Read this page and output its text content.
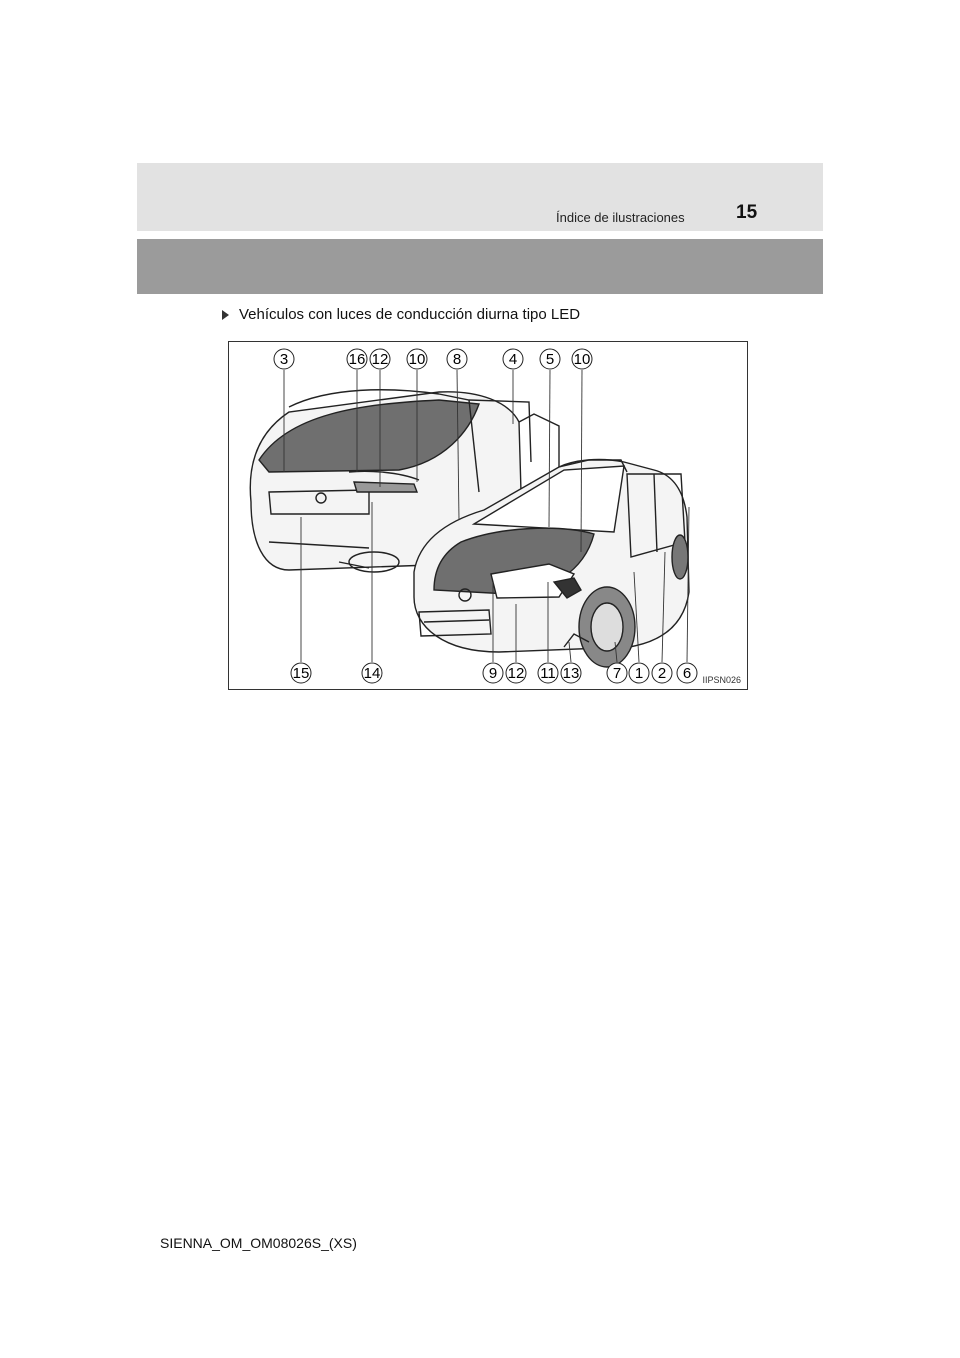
Índice de ilustraciones	15
Vehículos con luces de conducción diurna tipo LED
3	16 12 10 8	4 5 10
15	14	9 12 11 13 7 1 2 6 IIPSN026
SIENNA_OM_OM08026S_(XS)
